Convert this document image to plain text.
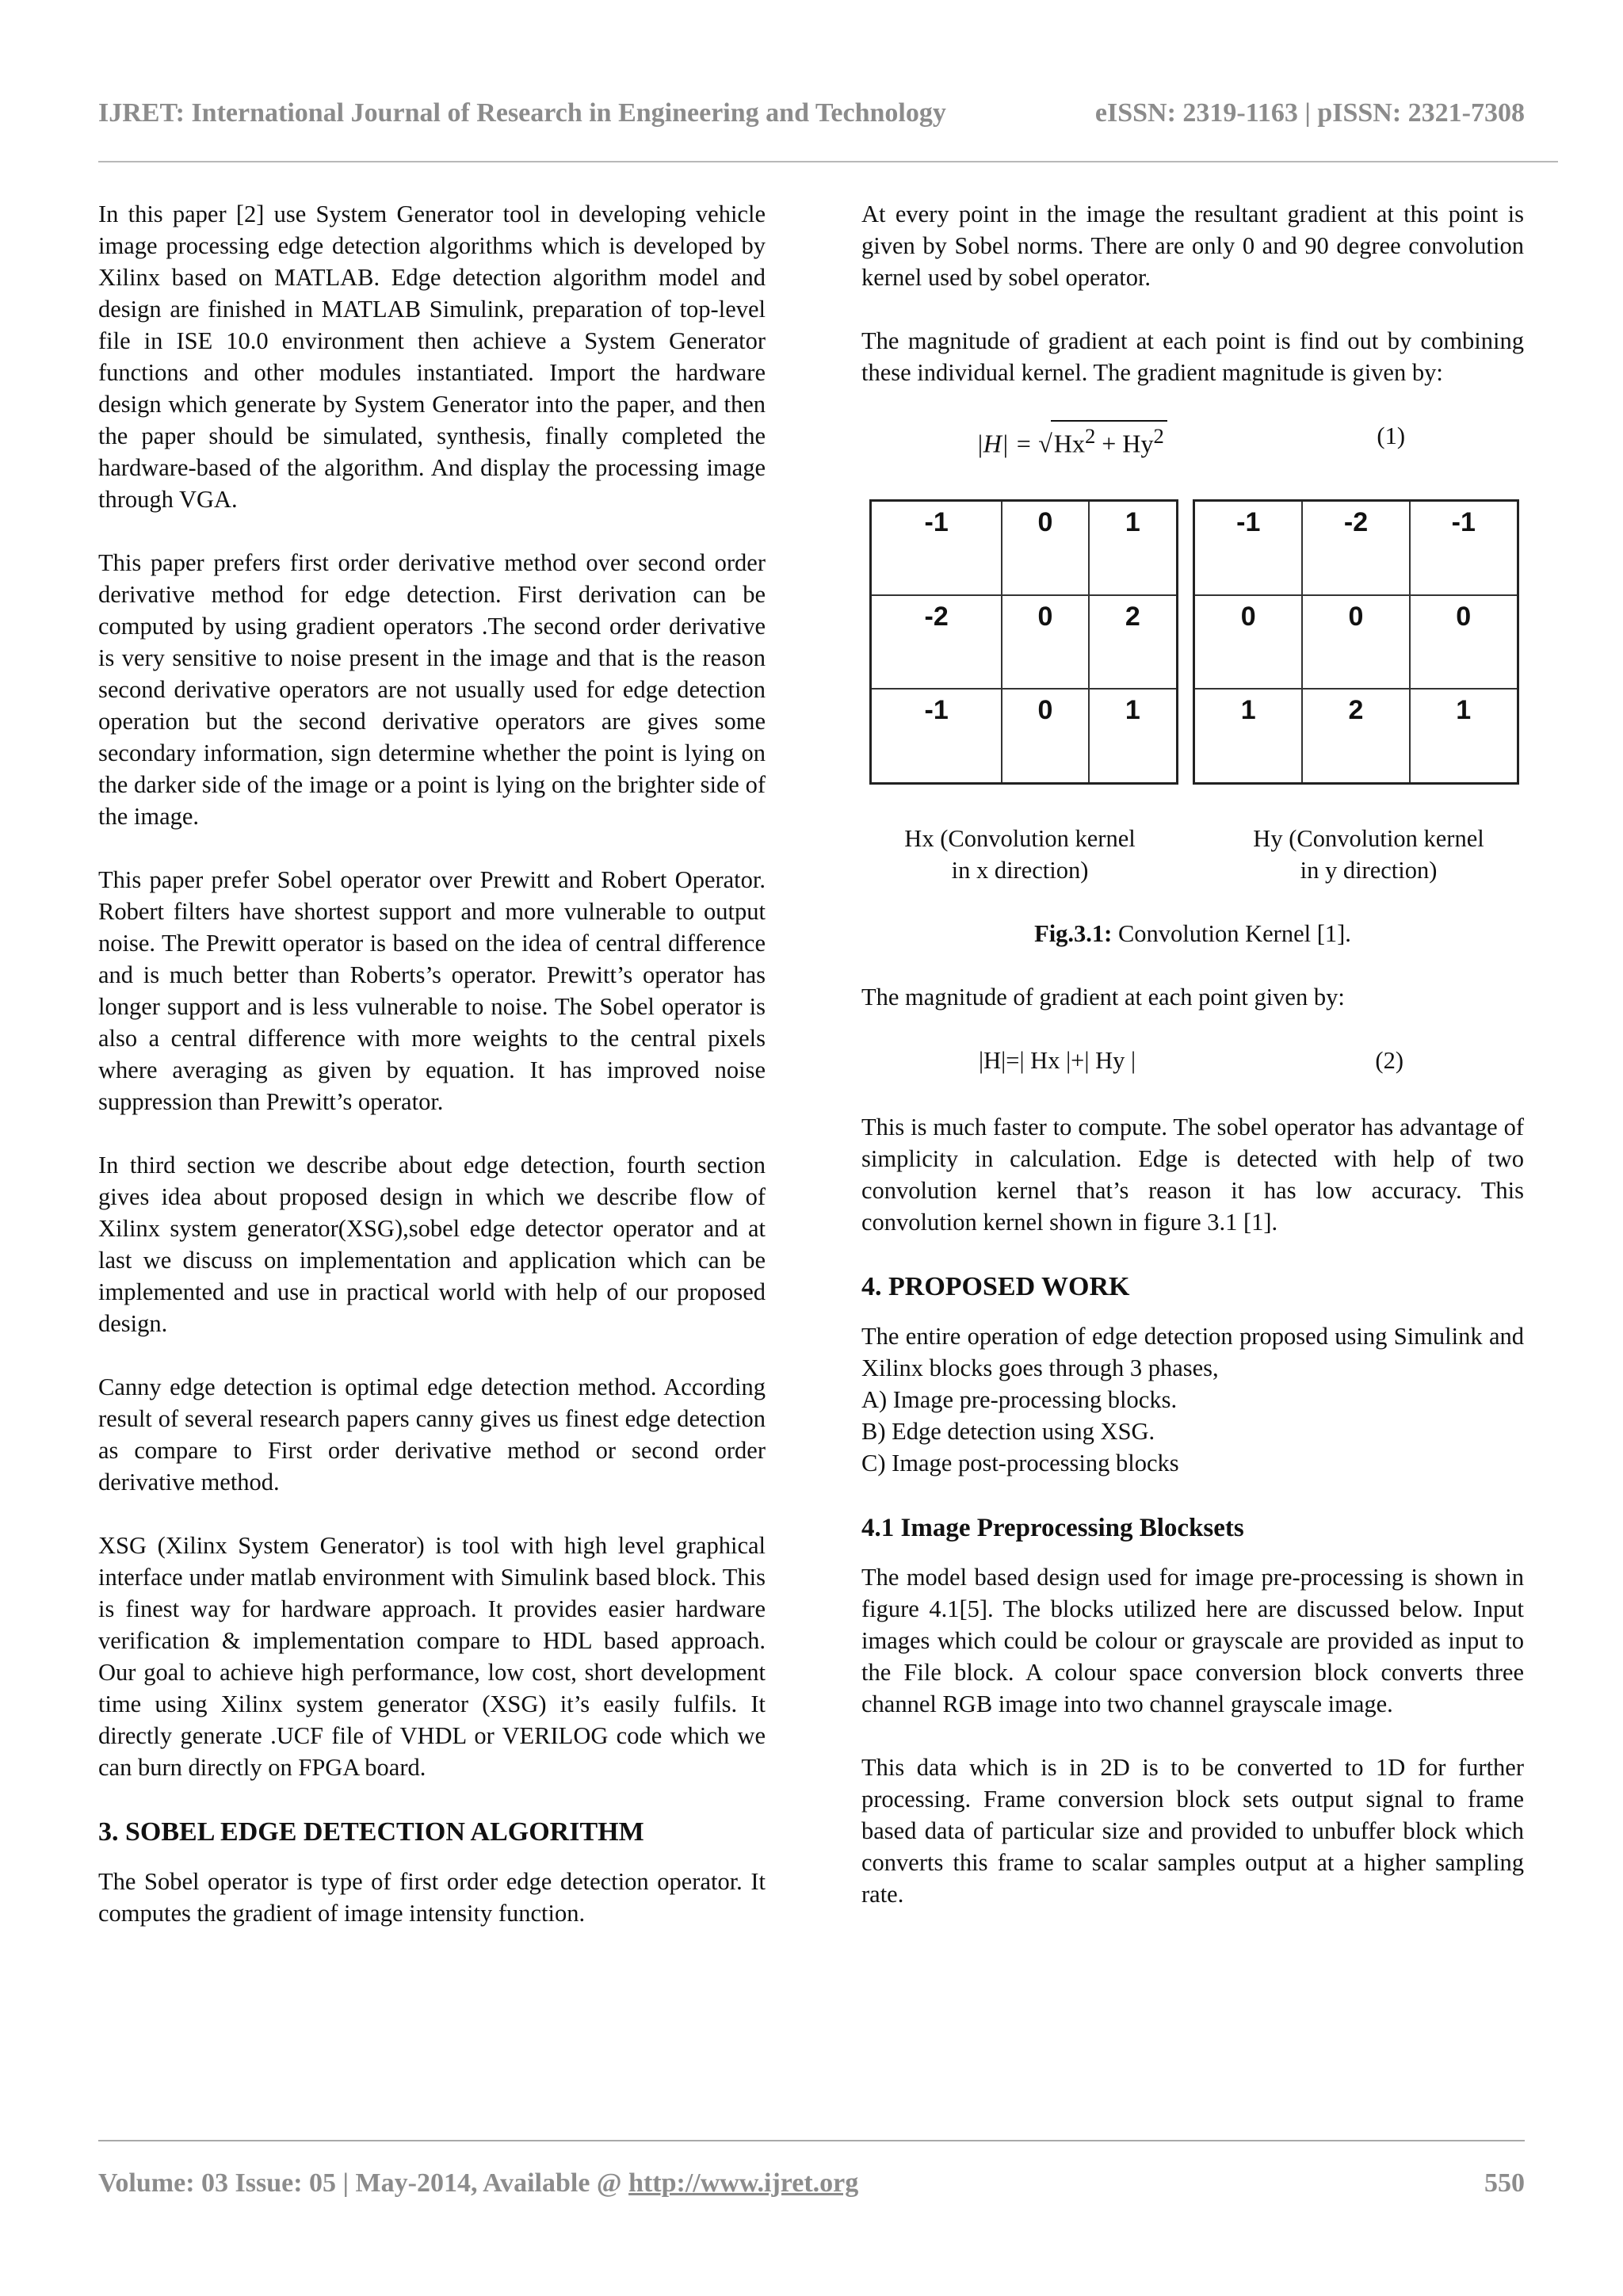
IJRET: International Journal of Research in Engineering and Technology	eISSN: 2319-1163 | pISSN: 2321-7308

In this paper [2] use System Generator tool in developing vehicle image processing edge detection algorithms which is developed by Xilinx based on MATLAB. Edge detection algorithm model and design are finished in MATLAB Simulink, preparation of top-level file in ISE 10.0 environment then achieve a System Generator functions and other modules instantiated. Import the hardware design which generate by System Generator into the paper, and then the paper should be simulated, synthesis, finally completed the hardware-based of the algorithm. And display the processing image through VGA.

This paper prefers first order derivative method over second order derivative method for edge detection. First derivation can be computed by using gradient operators .The second order derivative is very sensitive to noise present in the image and that is the reason second derivative operators are not usually used for edge detection operation but the second derivative operators are gives some secondary information, sign determine whether the point is lying on the darker side of the image or a point is lying on the brighter side of the image.

This paper prefer Sobel operator over Prewitt and Robert Operator. Robert filters have shortest support and more vulnerable to output noise. The Prewitt operator is based on the idea of central difference and is much better than Roberts’s operator. Prewitt’s operator has longer support and is less vulnerable to noise. The Sobel operator is also a central difference with more weights to the central pixels where averaging as given by equation. It has improved noise suppression than Prewitt’s operator.

In third section we describe about edge detection, fourth section gives idea about proposed design in which we describe flow of Xilinx system generator(XSG),sobel edge detector operator and at last we discuss on implementation and application which can be implemented and use in practical world with help of our proposed design.

Canny edge detection is optimal edge detection method. According result of several research papers canny gives us finest edge detection as compare to First order derivative method or second order derivative method.

XSG (Xilinx System Generator) is tool with high level graphical interface under matlab environment with Simulink based block. This is finest way for hardware approach. It provides easier hardware verification & implementation compare to HDL based approach. Our goal to achieve high performance, low cost, short development time using Xilinx system generator (XSG) it’s easily fulfils. It directly generate .UCF file of VHDL or VERILOG code which we can burn directly on FPGA board.

3. SOBEL EDGE DETECTION ALGORITHM

The Sobel operator is type of first order edge detection operator. It computes the gradient of image intensity function.

At every point in the image the resultant gradient at this point is given by Sobel norms. There are only 0 and 90 degree convolution kernel used by sobel operator.

The magnitude of gradient at each point is find out by combining these individual kernel. The gradient magnitude is given by:

$|H| = √Hx^2 + Hy^2$	(1)
-1	0	1
-2	0	2
-1	0	1
-1	-2	-1
0	0	0
1	2	1
Hx (Convolution kernel
in x direction)
Hy (Convolution kernel
in y direction)
Fig.3.1: Convolution Kernel [1].

The magnitude of gradient at each point given by:

|H|=| Hx |+| Hy |	(2)

This is much faster to compute. The sobel operator has advantage of simplicity in calculation. Edge is detected with help of two convolution kernel that’s reason it has low accuracy. This convolution kernel shown in figure 3.1 [1].

4. PROPOSED WORK

The entire operation of edge detection proposed using Simulink and Xilinx blocks goes through 3 phases,

A) Image pre-processing blocks.
B) Edge detection using XSG.
C) Image post-processing blocks
4.1 Image Preprocessing Blocksets

The model based design used for image pre-processing is shown in figure 4.1[5]. The blocks utilized here are discussed below. Input images which could be colour or grayscale are provided as input to the File block. A colour space conversion block converts three channel RGB image into two channel grayscale image.

This data which is in 2D is to be converted to 1D for further processing. Frame conversion block sets output signal to frame based data of particular size and provided to unbuffer block which converts this frame to scalar samples output at a higher sampling rate.

Volume: 03 Issue: 05 | May-2014, Available @ http://www.ijret.org	550
